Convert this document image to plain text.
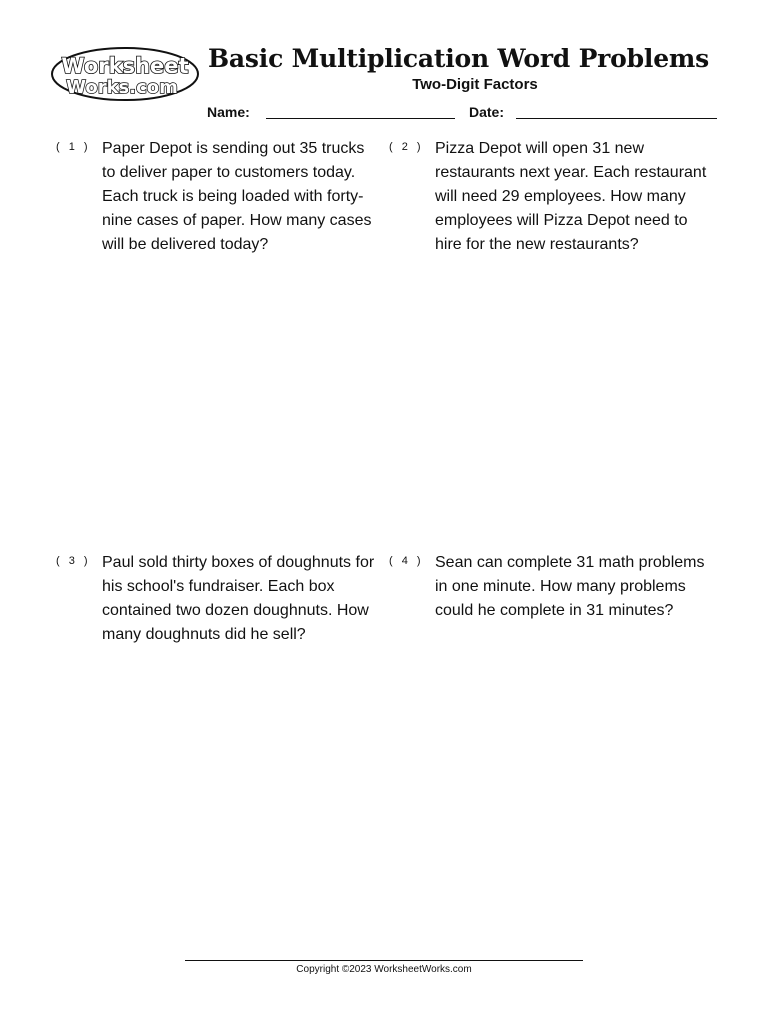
Worksheet
Works.com
Basic Multiplication Word Problems
Two-Digit Factors
Name:	Date:
( 1 ) Paper Depot is sending out 35 trucks to deliver paper to customers today. Each truck is being loaded with forty-nine cases of paper. How many cases will be delivered today?
( 2 ) Pizza Depot will open 31 new restaurants next year. Each restaurant will need 29 employees. How many employees will Pizza Depot need to hire for the new restaurants?
( 3 ) Paul sold thirty boxes of doughnuts for his school's fundraiser. Each box contained two dozen doughnuts. How many doughnuts did he sell?
( 4 ) Sean can complete 31 math problems in one minute. How many problems could he complete in 31 minutes?
Copyright ©2023 WorksheetWorks.com
